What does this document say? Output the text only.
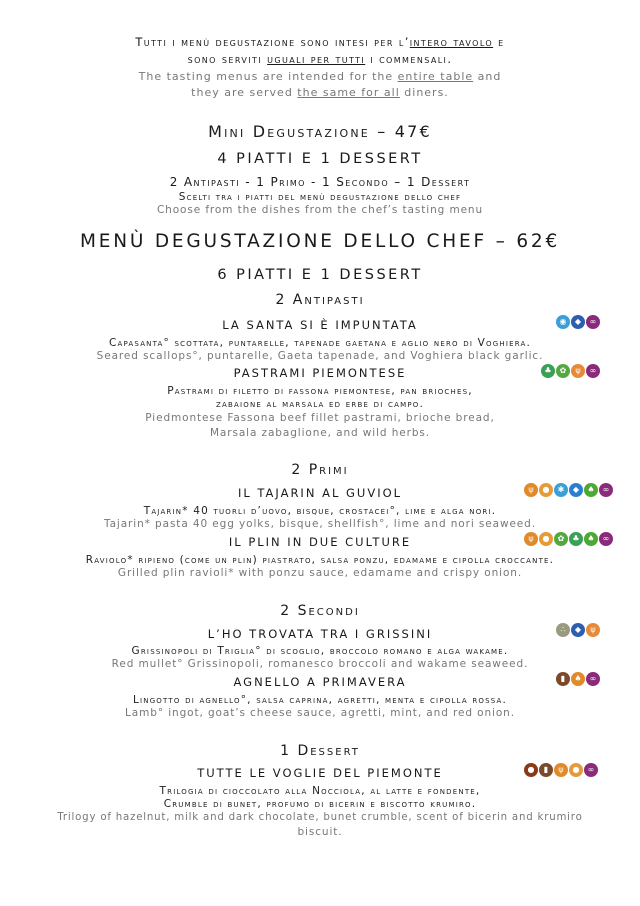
Tutti i menù degustazione sono intesi per l’intero tavolo e
sono serviti uguali per tutti i commensali.
The tasting menus are intended for the entire table and
they are served the same for all diners.
Mini Degustazione – 47€
4 PIATTI E 1 DESSERT
2 Antipasti - 1 Primo - 1 Secondo – 1 Dessert
Scelti tra i piatti del menù degustazione dello chef
Choose from the dishes from the chef’s tasting menu
MENÙ DEGUSTAZIONE DELLO CHEF – 62€
6 PIATTI E 1 DESSERT
2 Antipasti
LA SANTA SI È IMPUNTATA	◉	◆	∞
Capasanta° scottata, puntarelle, tapenade gaetana e aglio nero di Voghiera.
Seared scallops°, puntarelle, Gaeta tapenade, and Voghiera black garlic.
PASTRAMI PIEMONTESE	♣	✿	ψ	∞
Pastrami di filetto di fassona piemontese, pan brioches,
zabaione al marsala ed erbe di campo.
Piedmontese Fassona beef fillet pastrami, brioche bread,
Marsala zabaglione, and wild herbs.
2 Primi
IL TAJARIN AL GUVIOL	ψ	●	✱	◆	♠	∞
Tajarin* 40 tuorli d’uovo, bisque, crostacei°, lime e alga nori.
Tajarin* pasta 40 egg yolks, bisque, shellfish°, lime and nori seaweed.
IL PLIN IN DUE CULTURE	ψ	●	✿	♣ ♠	∞
Raviolo* ripieno (come un plin) piastrato, salsa ponzu, edamame e cipolla croccante.
Grilled plin ravioli* with ponzu sauce, edamame and crispy onion.
2 Secondi
L’HO TROVATA TRA I GRISSINI	∴	◆	ψ
Grissinopoli di Triglia° di scoglio, broccolo romano e alga wakame.
Red mullet° Grissinopoli, romanesco broccoli and wakame seaweed.
AGNELLO A PRIMAVERA	▮	♠	∞
Lingotto di agnello°, salsa caprina, agretti, menta e cipolla rossa.
Lamb° ingot, goat’s cheese sauce, agretti, mint, and red onion.
1 Dessert
TUTTE LE VOGLIE DEL PIEMONTE	●	▮	ψ	●	∞
Trilogia di cioccolato alla Nocciola, al latte e fondente,
Crumble di bunet, profumo di bicerin e biscotto krumiro.
Trilogy of hazelnut, milk and dark chocolate, bunet crumble, scent of bicerin and krumiro
biscuit.
